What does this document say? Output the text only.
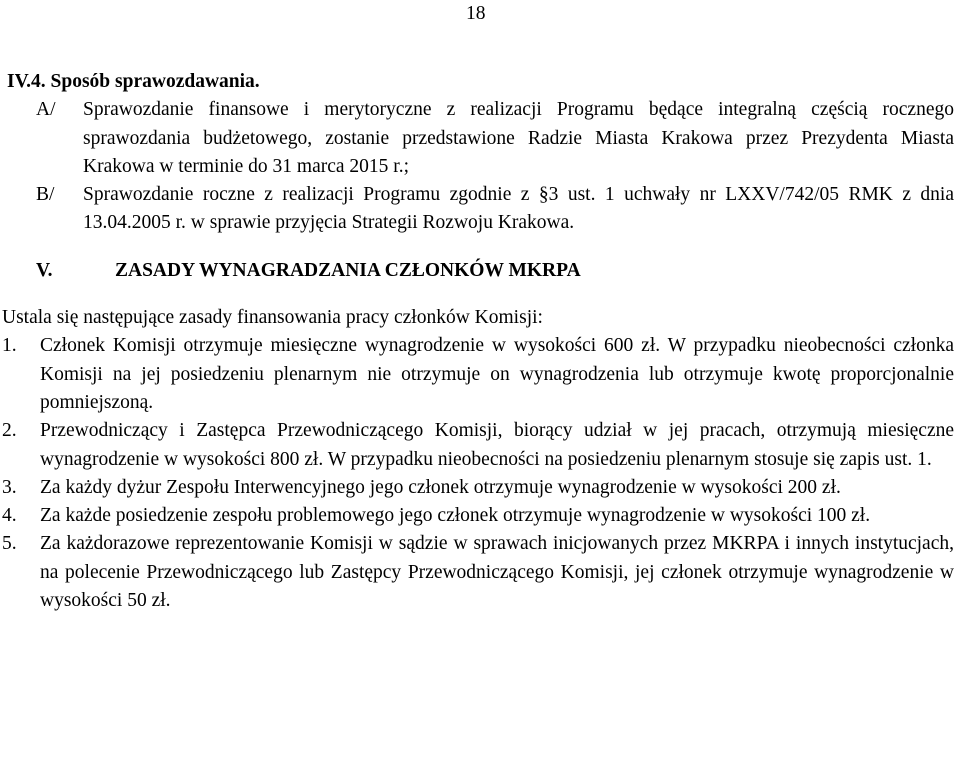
18

IV.4. Sposób sprawozdawania.

A/	Sprawozdanie finansowe i merytoryczne z realizacji Programu będące integralną częścią rocznego sprawozdania budżetowego, zostanie przedstawione Radzie Miasta Krakowa przez Prezydenta Miasta Krakowa w terminie do 31 marca 2015 r.;
B/	Sprawozdanie roczne z realizacji Programu zgodnie z §3 ust. 1 uchwały nr LXXV/742/05 RMK z dnia 13.04.2005 r. w sprawie przyjęcia Strategii Rozwoju Krakowa.
V.	ZASADY WYNAGRADZANIA CZŁONKÓW MKRPA

Ustala się następujące zasady finansowania pracy członków Komisji:

1.	Członek Komisji otrzymuje miesięczne wynagrodzenie w wysokości 600 zł. W przypadku nieobecności członka Komisji na jej posiedzeniu plenarnym nie otrzymuje on wynagrodzenia lub otrzymuje kwotę proporcjonalnie pomniejszoną.
2.	Przewodniczący i Zastępca Przewodniczącego Komisji, biorący udział w jej pracach, otrzymują miesięczne wynagrodzenie w wysokości 800 zł. W przypadku nieobecności na posiedzeniu plenarnym stosuje się zapis ust. 1.
3.	Za każdy dyżur Zespołu Interwencyjnego jego członek otrzymuje wynagrodzenie w wysokości 200 zł.
4.	Za każde posiedzenie zespołu problemowego jego członek otrzymuje wynagrodzenie w wysokości 100 zł.
5.	Za każdorazowe reprezentowanie Komisji w sądzie w sprawach inicjowanych przez MKRPA i innych instytucjach, na polecenie Przewodniczącego lub Zastępcy Przewodniczącego Komisji, jej członek otrzymuje wynagrodzenie w wysokości 50 zł.
